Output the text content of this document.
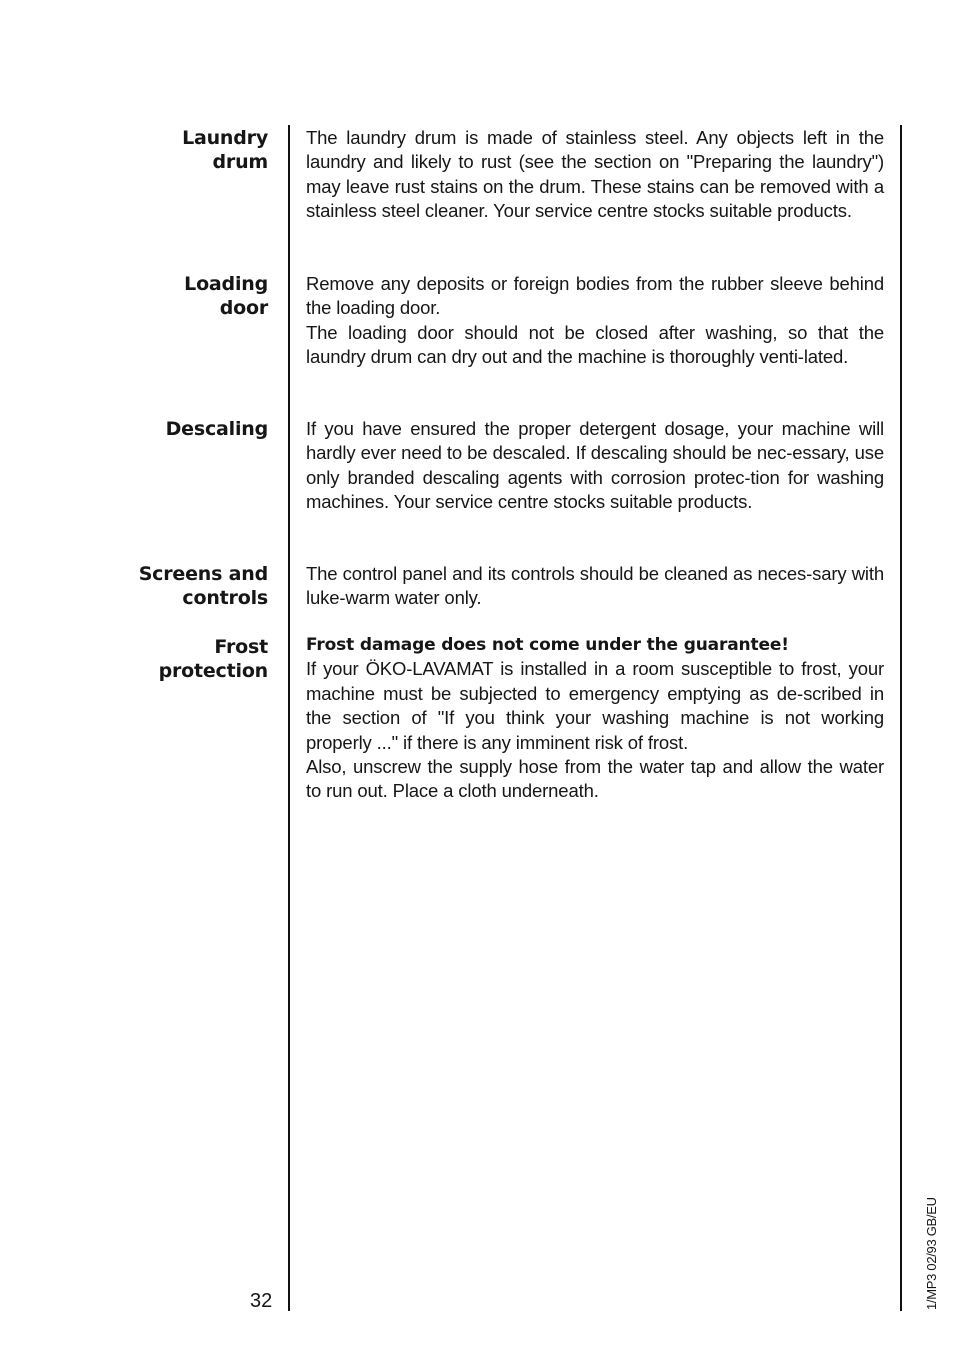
Laundry
drum

The laundry drum is made of stainless steel. Any objects left in the laundry and likely to rust (see the section on "Preparing the laundry") may leave rust stains on the drum. These stains can be removed with a stainless steel cleaner. Your service centre stocks suitable products.

Loading
door

Remove any deposits or foreign bodies from the rubber sleeve behind the loading door.

The loading door should not be closed after washing, so that the laundry drum can dry out and the machine is thoroughly venti-lated.

Descaling If you have ensured the proper detergent dosage, your machine will hardly ever need to be descaled. If descaling should be nec-essary, use only branded descaling agents with corrosion protec-tion for washing machines. Your service centre stocks suitable products.

Screens and
controls

The control panel and its controls should be cleaned as neces-sary with luke-warm water only.

Frost
protection

Frost damage does not come under the guarantee!

If your ÖKO-LAVAMAT is installed in a room susceptible to frost, your machine must be subjected to emergency emptying as de-scribed in the section of "If you think your washing machine is not working properly ..." if there is any imminent risk of frost.

Also, unscrew the supply hose from the water tap and allow the water to run out. Place a cloth underneath.

32	1/MP3 02/93 GB/EU
